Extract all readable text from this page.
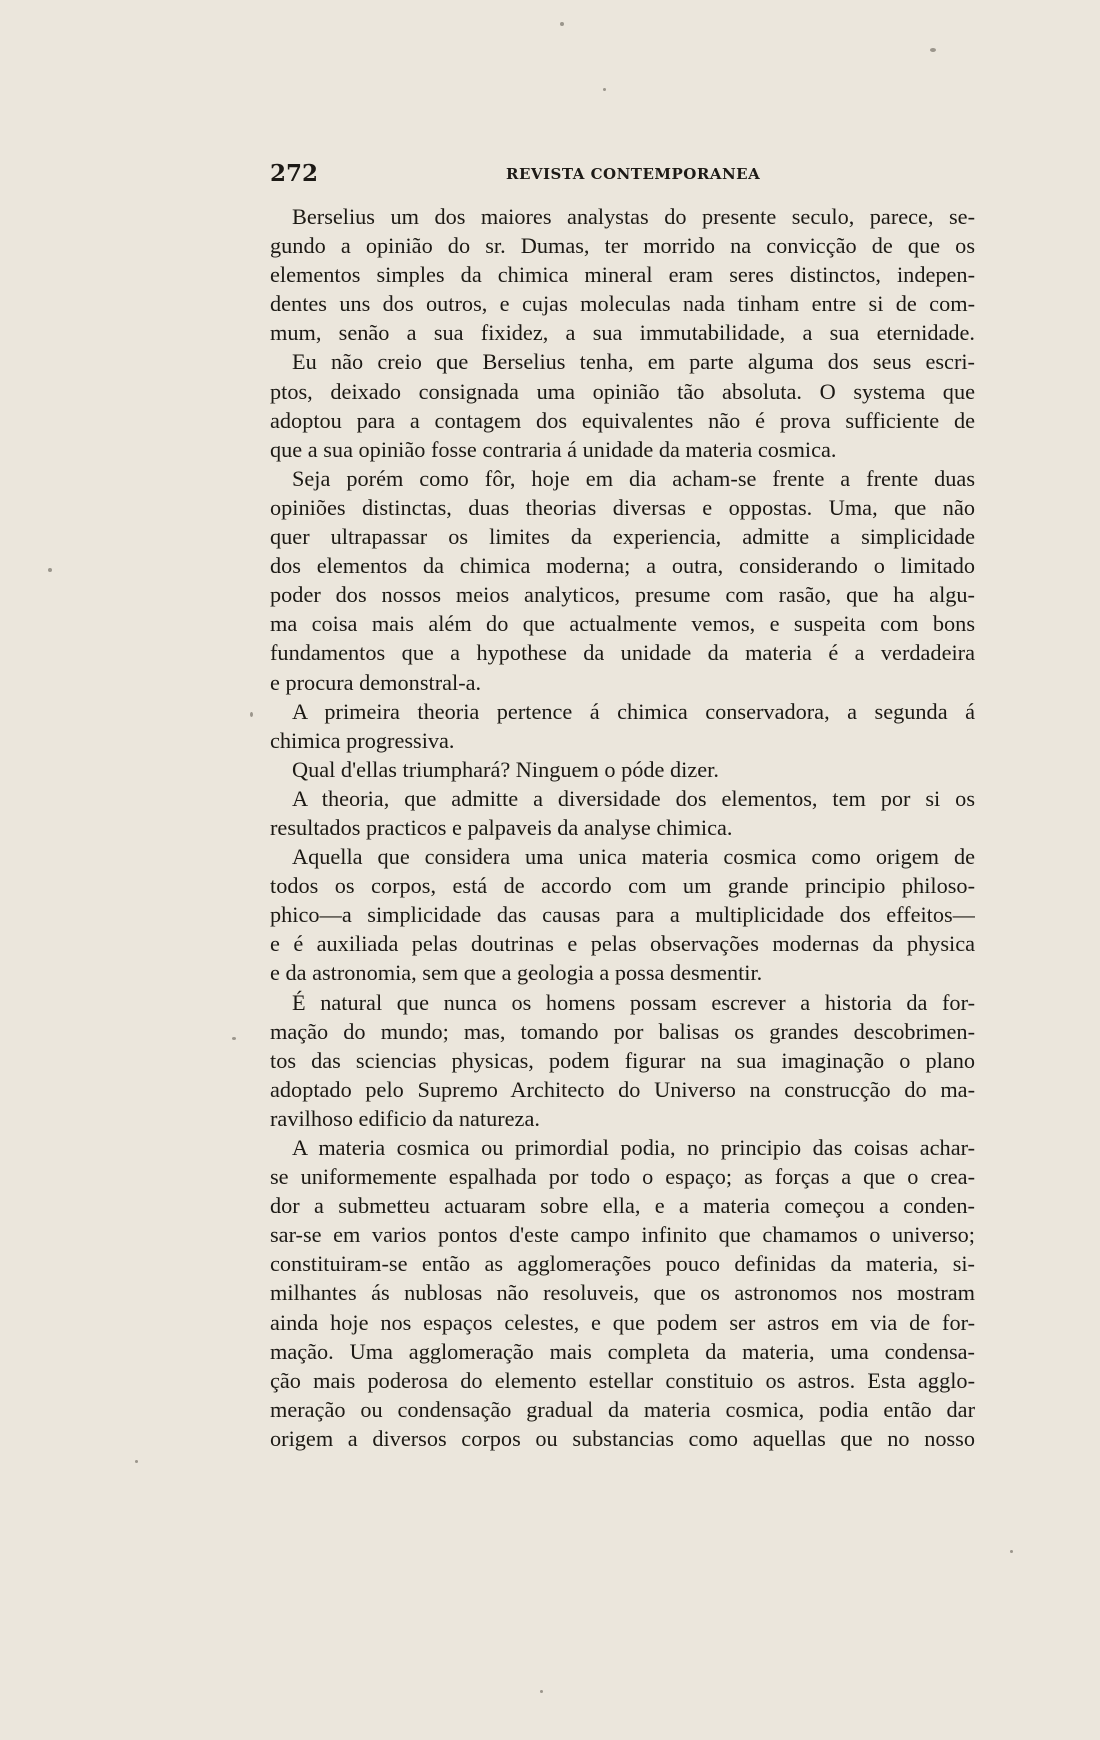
272	REVISTA CONTEMPORANEA
Berselius um dos maiores analystas do presente seculo, parece, se-
gundo a opinião do sr. Dumas, ter morrido na convicção de que os
elementos simples da chimica mineral eram seres distinctos, indepen-
dentes uns dos outros, e cujas moleculas nada tinham entre si de com-
mum, senão a sua fixidez, a sua immutabilidade, a sua eternidade.
Eu não creio que Berselius tenha, em parte alguma dos seus escri-
ptos, deixado consignada uma opinião tão absoluta. O systema que
adoptou para a contagem dos equivalentes não é prova sufficiente de
que a sua opinião fosse contraria á unidade da materia cosmica.
Seja porém como fôr, hoje em dia acham-se frente a frente duas
opiniões distinctas, duas theorias diversas e oppostas. Uma, que não
quer ultrapassar os limites da experiencia, admitte a simplicidade
dos elementos da chimica moderna; a outra, considerando o limitado
poder dos nossos meios analyticos, presume com rasão, que ha algu-
ma coisa mais além do que actualmente vemos, e suspeita com bons
fundamentos que a hypothese da unidade da materia é a verdadeira
e procura demonstral-a.
A primeira theoria pertence á chimica conservadora, a segunda á
chimica progressiva.
Qual d'ellas triumphará? Ninguem o póde dizer.
A theoria, que admitte a diversidade dos elementos, tem por si os
resultados practicos e palpaveis da analyse chimica.
Aquella que considera uma unica materia cosmica como origem de
todos os corpos, está de accordo com um grande principio philoso-
phico—a simplicidade das causas para a multiplicidade dos effeitos—
e é auxiliada pelas doutrinas e pelas observações modernas da physica
e da astronomia, sem que a geologia a possa desmentir.
É natural que nunca os homens possam escrever a historia da for-
mação do mundo; mas, tomando por balisas os grandes descobrimen-
tos das sciencias physicas, podem figurar na sua imaginação o plano
adoptado pelo Supremo Architecto do Universo na construcção do ma-
ravilhoso edificio da natureza.
A materia cosmica ou primordial podia, no principio das coisas achar-
se uniformemente espalhada por todo o espaço; as forças a que o crea-
dor a submetteu actuaram sobre ella, e a materia começou a conden-
sar-se em varios pontos d'este campo infinito que chamamos o universo;
constituiram-se então as agglomerações pouco definidas da materia, si-
milhantes ás nublosas não resoluveis, que os astronomos nos mostram
ainda hoje nos espaços celestes, e que podem ser astros em via de for-
mação. Uma agglomeração mais completa da materia, uma condensa-
ção mais poderosa do elemento estellar constituio os astros. Esta agglo-
meração ou condensação gradual da materia cosmica, podia então dar
origem a diversos corpos ou substancias como aquellas que no nosso
